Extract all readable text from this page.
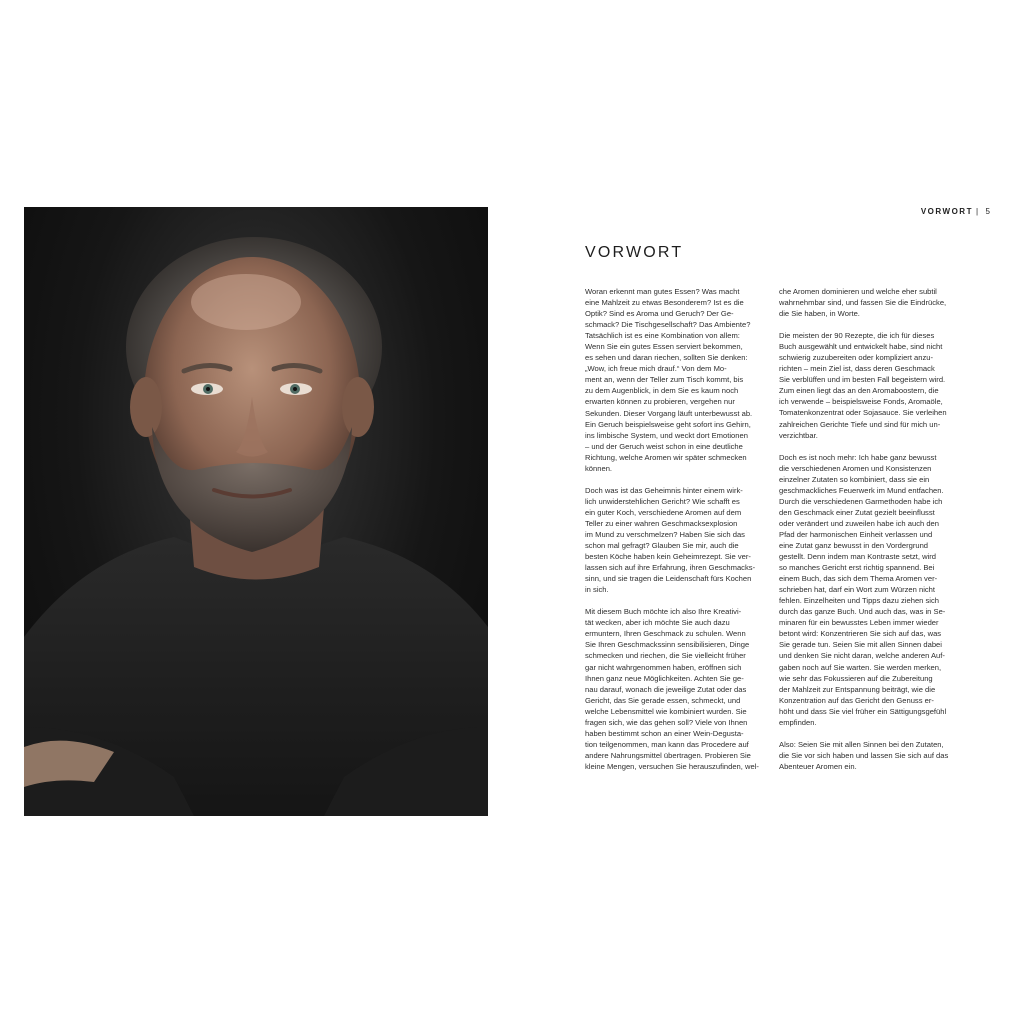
VORWORT | 5
VORWORT

Woran erkennt man gutes Essen? Was macht
eine Mahlzeit zu etwas Besonderem? Ist es die
Optik? Sind es Aroma und Geruch? Der Ge-
schmack? Die Tischgesellschaft? Das Ambiente?
Tatsächlich ist es eine Kombination von allem:
Wenn Sie ein gutes Essen serviert bekommen,
es sehen und daran riechen, sollten Sie denken:
„Wow, ich freue mich drauf.“ Von dem Mo-
ment an, wenn der Teller zum Tisch kommt, bis
zu dem Augenblick, in dem Sie es kaum noch
erwarten können zu probieren, vergehen nur
Sekunden. Dieser Vorgang läuft unterbewusst ab.
Ein Geruch beispielsweise geht sofort ins Gehirn,
ins limbische System, und weckt dort Emotionen
– und der Geruch weist schon in eine deutliche
Richtung, welche Aromen wir später schmecken
können.

Doch was ist das Geheimnis hinter einem wirk-
lich unwiderstehlichen Gericht? Wie schafft es
ein guter Koch, verschiedene Aromen auf dem
Teller zu einer wahren Geschmacksexplosion
im Mund zu verschmelzen? Haben Sie sich das
schon mal gefragt? Glauben Sie mir, auch die
besten Köche haben kein Geheimrezept. Sie ver-
lassen sich auf ihre Erfahrung, ihren Geschmacks-
sinn, und sie tragen die Leidenschaft fürs Kochen
in sich.

Mit diesem Buch möchte ich also Ihre Kreativi-
tät wecken, aber ich möchte Sie auch dazu
ermuntern, Ihren Geschmack zu schulen. Wenn
Sie Ihren Geschmackssinn sensibilisieren, Dinge
schmecken und riechen, die Sie vielleicht früher
gar nicht wahrgenommen haben, eröffnen sich
Ihnen ganz neue Möglichkeiten. Achten Sie ge-
nau darauf, wonach die jeweilige Zutat oder das
Gericht, das Sie gerade essen, schmeckt, und
welche Lebensmittel wie kombiniert wurden. Sie
fragen sich, wie das gehen soll? Viele von Ihnen
haben bestimmt schon an einer Wein-Degusta-
tion teilgenommen, man kann das Procedere auf
andere Nahrungsmittel übertragen. Probieren Sie
kleine Mengen, versuchen Sie herauszufinden, wel-

che Aromen dominieren und welche eher subtil
wahrnehmbar sind, und fassen Sie die Eindrücke,
die Sie haben, in Worte.

Die meisten der 90 Rezepte, die ich für dieses
Buch ausgewählt und entwickelt habe, sind nicht
schwierig zuzubereiten oder kompliziert anzu-
richten – mein Ziel ist, dass deren Geschmack
Sie verblüffen und im besten Fall begeistern wird.
Zum einen liegt das an den Aromaboostern, die
ich verwende – beispielsweise Fonds, Aromaöle,
Tomatenkonzentrat oder Sojasauce. Sie verleihen
zahlreichen Gerichte Tiefe und sind für mich un-
verzichtbar.

Doch es ist noch mehr: Ich habe ganz bewusst
die verschiedenen Aromen und Konsistenzen
einzelner Zutaten so kombiniert, dass sie ein
geschmackliches Feuerwerk im Mund entfachen.
Durch die verschiedenen Garmethoden habe ich
den Geschmack einer Zutat gezielt beeinflusst
oder verändert und zuweilen habe ich auch den
Pfad der harmonischen Einheit verlassen und
eine Zutat ganz bewusst in den Vordergrund
gestellt. Denn indem man Kontraste setzt, wird
so manches Gericht erst richtig spannend. Bei
einem Buch, das sich dem Thema Aromen ver-
schrieben hat, darf ein Wort zum Würzen nicht
fehlen. Einzelheiten und Tipps dazu ziehen sich
durch das ganze Buch. Und auch das, was in Se-
minaren für ein bewusstes Leben immer wieder
betont wird: Konzentrieren Sie sich auf das, was
Sie gerade tun. Seien Sie mit allen Sinnen dabei
und denken Sie nicht daran, welche anderen Auf-
gaben noch auf Sie warten. Sie werden merken,
wie sehr das Fokussieren auf die Zubereitung
der Mahlzeit zur Entspannung beiträgt, wie die
Konzentration auf das Gericht den Genuss er-
höht und dass Sie viel früher ein Sättigungsgefühl
empfinden.

Also: Seien Sie mit allen Sinnen bei den Zutaten,
die Sie vor sich haben und lassen Sie sich auf das
Abenteuer Aromen ein.
